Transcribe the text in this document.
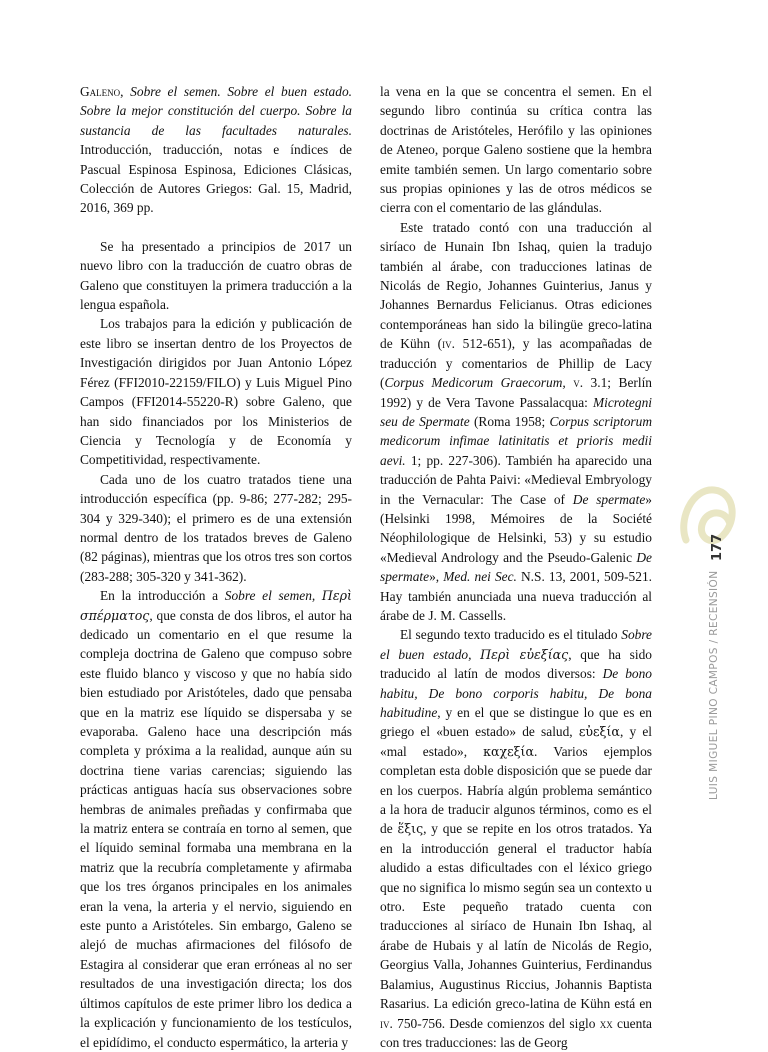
Galeno, Sobre el semen. Sobre el buen estado. Sobre la mejor constitución del cuerpo. Sobre la sustancia de las facultades naturales. Introducción, traducción, notas e índices de Pascual Espinosa Espinosa, Ediciones Clásicas, Colección de Autores Griegos: Gal. 15, Madrid, 2016, 369 pp.

Se ha presentado a principios de 2017 un nuevo libro con la traducción de cuatro obras de Galeno que constituyen la primera traducción a la lengua española.

Los trabajos para la edición y publicación de este libro se insertan dentro de los Proyectos de Investigación dirigidos por Juan Antonio López Férez (FFI2010-22159/FILO) y Luis Miguel Pino Campos (FFI2014-55220-R) sobre Galeno, que han sido financiados por los Ministerios de Ciencia y Tecnología y de Economía y Competitividad, respectivamente.

Cada uno de los cuatro tratados tiene una introducción específica (pp. 9-86; 277-282; 295-304 y 329-340); el primero es de una extensión normal dentro de los tratados breves de Galeno (82 páginas), mientras que los otros tres son cortos (283-288; 305-320 y 341-362).

En la introducción a Sobre el semen, Περὶ σπέρματος, que consta de dos libros, el autor ha dedicado un comentario en el que resume la compleja doctrina de Galeno que compuso sobre este fluido blanco y viscoso y que no había sido bien estudiado por Aristóteles, dado que pensaba que en la matriz ese líquido se dispersaba y se evaporaba. Galeno hace una descripción más completa y próxima a la realidad, aunque aún su doctrina tiene varias carencias; siguiendo las prácticas antiguas hacía sus observaciones sobre hembras de animales preñadas y confirmaba que la matriz entera se contraía en torno al semen, que el líquido seminal formaba una membrana en la matriz que la recubría completamente y afirmaba que los tres órganos principales en los animales eran la vena, la arteria y el nervio, siguiendo en este punto a Aristóteles. Sin embargo, Galeno se alejó de muchas afirmaciones del filósofo de Estagira al considerar que eran erróneas al no ser resultados de una investigación directa; los dos últimos capítulos de este primer libro los dedica a la explicación y funcionamiento de los testículos, el epidídimo, el conducto espermático, la arteria y

la vena en la que se concentra el semen. En el segundo libro continúa su crítica contra las doctrinas de Aristóteles, Herófilo y las opiniones de Ateneo, porque Galeno sostiene que la hembra emite también semen. Un largo comentario sobre sus propias opiniones y las de otros médicos se cierra con el comentario de las glándulas.

Este tratado contó con una traducción al siríaco de Hunain Ibn Ishaq, quien la tradujo también al árabe, con traducciones latinas de Nicolás de Regio, Johannes Guinterius, Janus y Johannes Bernardus Felicianus. Otras ediciones contemporáneas han sido la bilingüe greco-latina de Kühn (iv. 512-651), y las acompañadas de traducción y comentarios de Phillip de Lacy (Corpus Medicorum Graecorum, v. 3.1; Berlín 1992) y de Vera Tavone Passalacqua: Microtegni seu de Spermate (Roma 1958; Corpus scriptorum medicorum infimae latinitatis et prioris medii aevi. 1; pp. 227-306). También ha aparecido una traducción de Pahta Paivi: «Medieval Embryology in the Vernacular: The Case of De spermate» (Helsinki 1998, Mémoires de la Société Néophilologique de Helsinki, 53) y su estudio «Medieval Andrology and the Pseudo-Galenic De spermate», Med. nei Sec. N.S. 13, 2001, 509-521. Hay también anunciada una nueva traducción al árabe de J. M. Cassells.

El segundo texto traducido es el titulado Sobre el buen estado, Περὶ εὐεξίας, que ha sido traducido al latín de modos diversos: De bono habitu, De bono corporis habitu, De bona habitudine, y en el que se distingue lo que es en griego el «buen estado» de salud, εὐεξία, y el «mal estado», καχεξία. Varios ejemplos completan esta doble disposición que se puede dar en los cuerpos. Habría algún problema semántico a la hora de traducir algunos términos, como es el de ἕξις, y que se repite en los otros tratados. Ya en la introducción general el traductor había aludido a estas dificultades con el léxico griego que no significa lo mismo según sea un contexto u otro. Este pequeño tratado cuenta con traducciones al siríaco de Hunain Ibn Ishaq, al árabe de Hubais y al latín de Nicolás de Regio, Georgius Valla, Johannes Guinterius, Ferdinandus Balamius, Augustinus Riccius, Johannis Baptista Rasarius. La edición greco-latina de Kühn está en iv. 750-756. Desde comienzos del siglo xx cuenta con tres traducciones: las de Georg

LUIS MIGUEL PINO CAMPOS / RECENSIÓN
177
